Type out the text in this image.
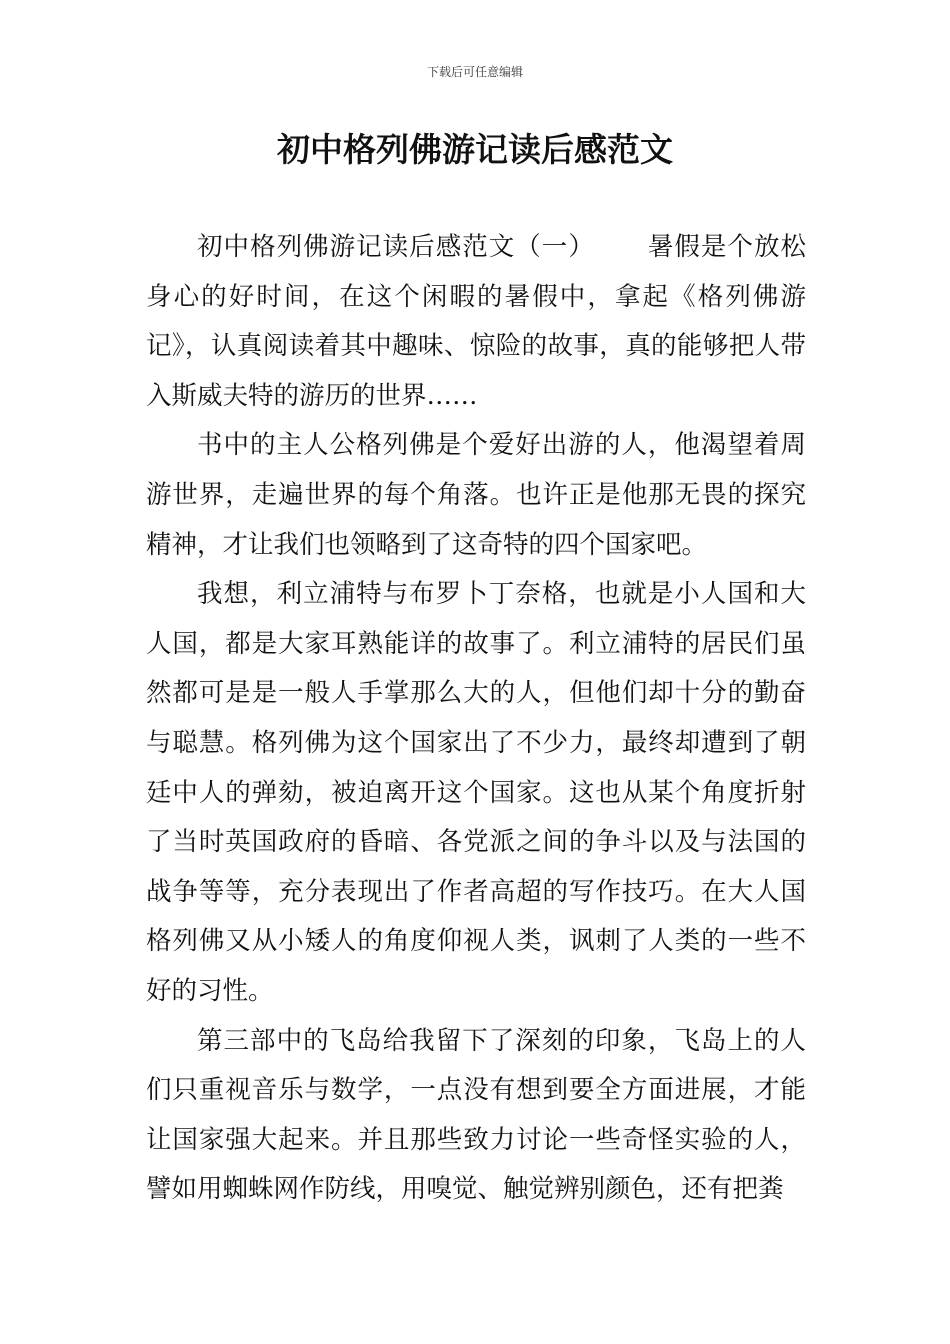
下载后可任意编辑
初中格列佛游记读后感范文

初中格列佛游记读后感范文（一） 暑假是个放松身心的好时间，在这个闲暇的暑假中，拿起《格列佛游记》，认真阅读着其中趣味、惊险的故事，真的能够把人带入斯威夫特的游历的世界……

书中的主人公格列佛是个爱好出游的人，他渴望着周游世界，走遍世界的每个角落。也许正是他那无畏的探究精神，才让我们也领略到了这奇特的四个国家吧。

我想，利立浦特与布罗卜丁奈格，也就是小人国和大人国，都是大家耳熟能详的故事了。利立浦特的居民们虽然都可是是一般人手掌那么大的人，但他们却十分的勤奋与聪慧。格列佛为这个国家出了不少力，最终却遭到了朝廷中人的弹劾，被迫离开这个国家。这也从某个角度折射了当时英国政府的昏暗、各党派之间的争斗以及与法国的战争等等，充分表现出了作者高超的写作技巧。在大人国格列佛又从小矮人的角度仰视人类，讽刺了人类的一些不好的习性。

第三部中的飞岛给我留下了深刻的印象，飞岛上的人们只重视音乐与数学，一点没有想到要全方面进展，才能让国家强大起来。并且那些致力讨论一些奇怪实验的人，譬如用蜘蛛网作防线，用嗅觉、触觉辨别颜色，还有把粪
